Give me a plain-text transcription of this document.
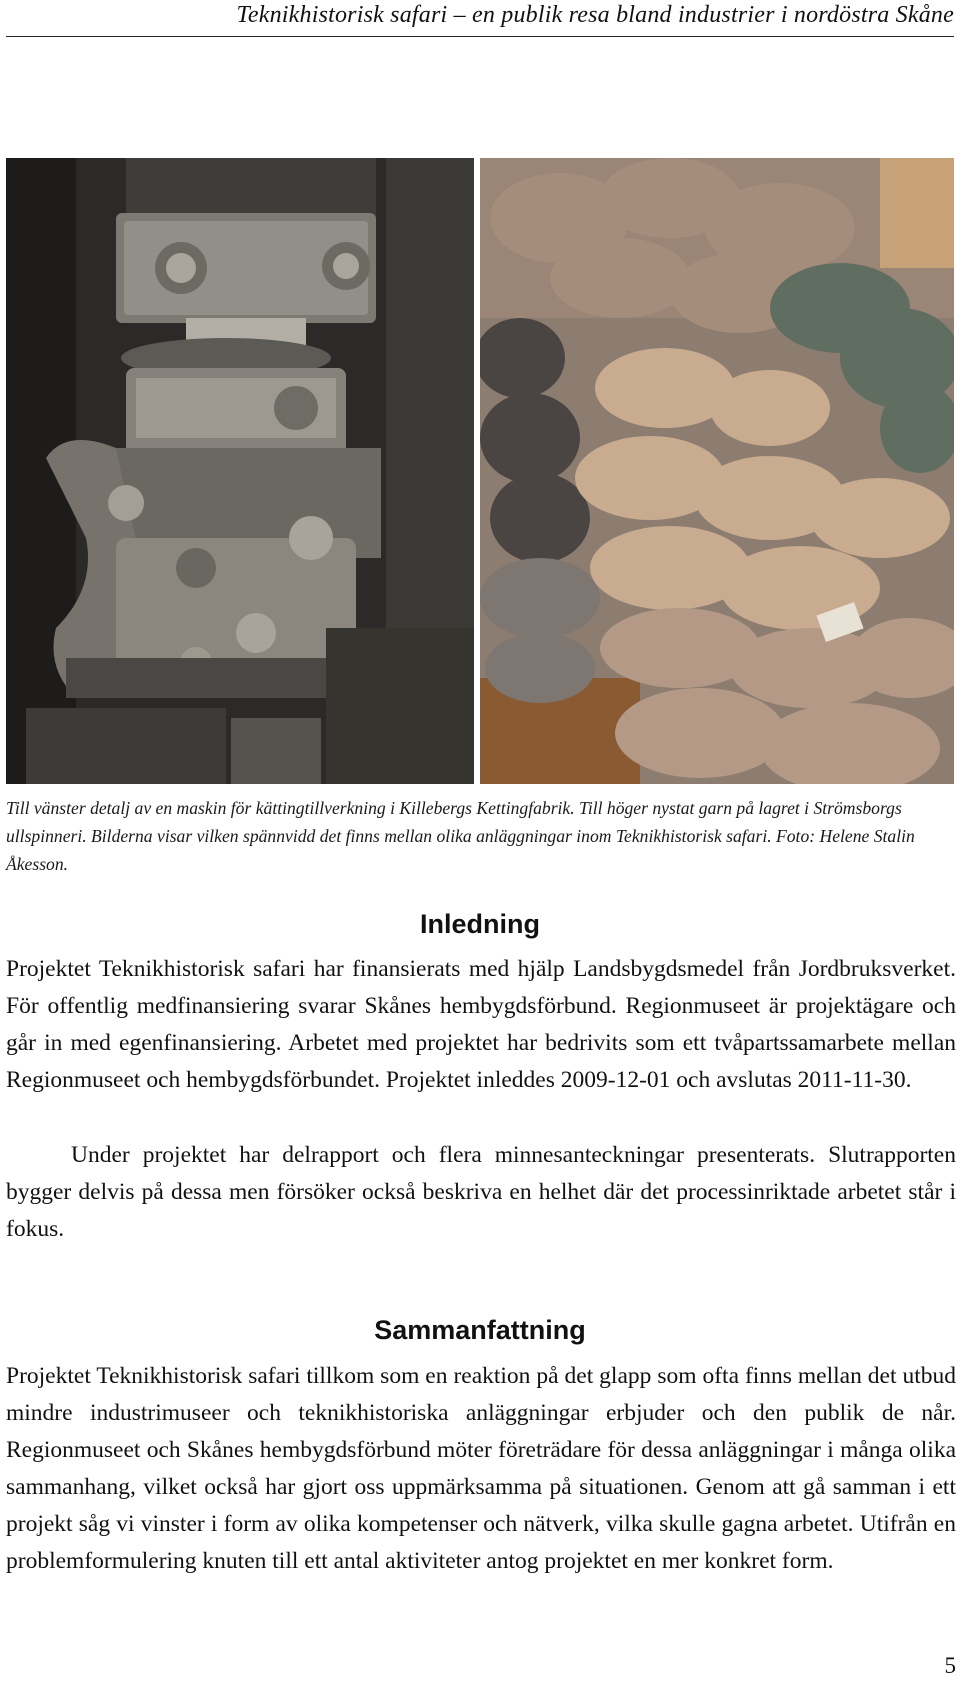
Teknikhistorisk safari – en publik resa bland industrier i nordöstra Skåne
Till vänster detalj av en maskin för kättingtillverkning i Killebergs Kettingfabrik. Till höger nystat garn på lagret i Strömsborgs ullspinneri. Bilderna visar vilken spännvidd det finns mellan olika anläggningar inom Teknikhistorisk safari. Foto: Helene Stalin Åkesson.
Inledning

Projektet Teknikhistorisk safari har finansierats med hjälp Landsbygdsmedel från Jordbruksverket. För offentlig medfinansiering svarar Skånes hembygdsförbund. Regionmuseet är projektägare och går in med egenfinansiering. Arbetet med projektet har bedrivits som ett tvåpartssamarbete mellan Regionmuseet och hembygdsförbundet. Projektet inleddes 2009-12-01 och avslutas 2011-11-30.

Under projektet har delrapport och flera minnesanteckningar presenterats. Slutrapporten bygger delvis på dessa men försöker också beskriva en helhet där det processinriktade arbetet står i fokus.

Sammanfattning

Projektet Teknikhistorisk safari tillkom som en reaktion på det glapp som ofta finns mellan det utbud mindre industrimuseer och teknikhistoriska anläggningar erbjuder och den publik de når. Regionmuseet och Skånes hembygdsförbund möter företrädare för dessa anläggningar i många olika sammanhang, vilket också har gjort oss uppmärksamma på situationen. Genom att gå samman i ett projekt såg vi vinster i form av olika kompetenser och nätverk, vilka skulle gagna arbetet. Utifrån en problemformulering knuten till ett antal aktiviteter antog projektet en mer konkret form.

5
